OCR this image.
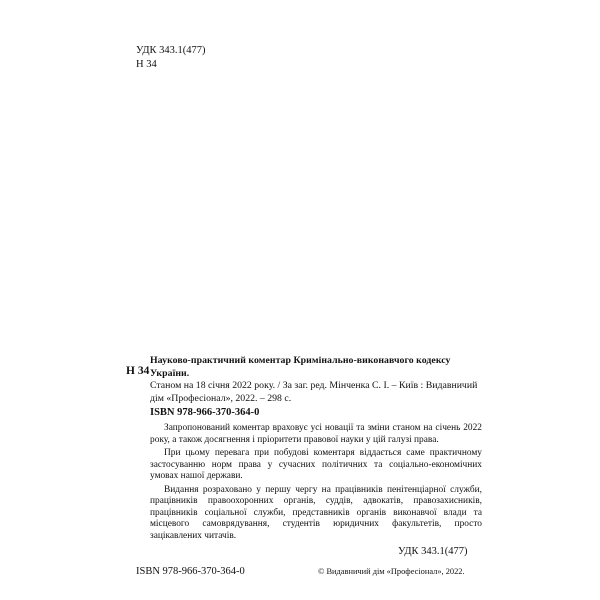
УДК 343.1(477)
Н 34
Н 34
Науково-практичний коментар Кримінально-виконавчого кодексу України.
Станом на 18 січня 2022 року. / За заг. ред. Мінченка С. І. – Київ : Видавничий дім «Професіонал», 2022. – 298 с.
ISBN 978-966-370-364-0

Запропонований коментар враховує усі новації та зміни станом на січень 2022 року, а також досягнення і пріоритети правової науки у цій галузі права.

При цьому перевага при побудові коментаря віддається саме практичному застосуванню норм права у сучасних політичних та соціально-економічних умовах нашої держави.

Видання розраховано у першу чергу на працівників пенітенціарної служби, працівників правоохоронних органів, суддів, адвокатів, правозахисників, працівників соціальної служби, представників органів виконавчої влади та місцевого самоврядування, студентів юридичних факультетів, просто зацікавлених читачів.

УДК 343.1(477)
ISBN 978-966-370-364-0	© Видавничий дім «Професіонал», 2022.
